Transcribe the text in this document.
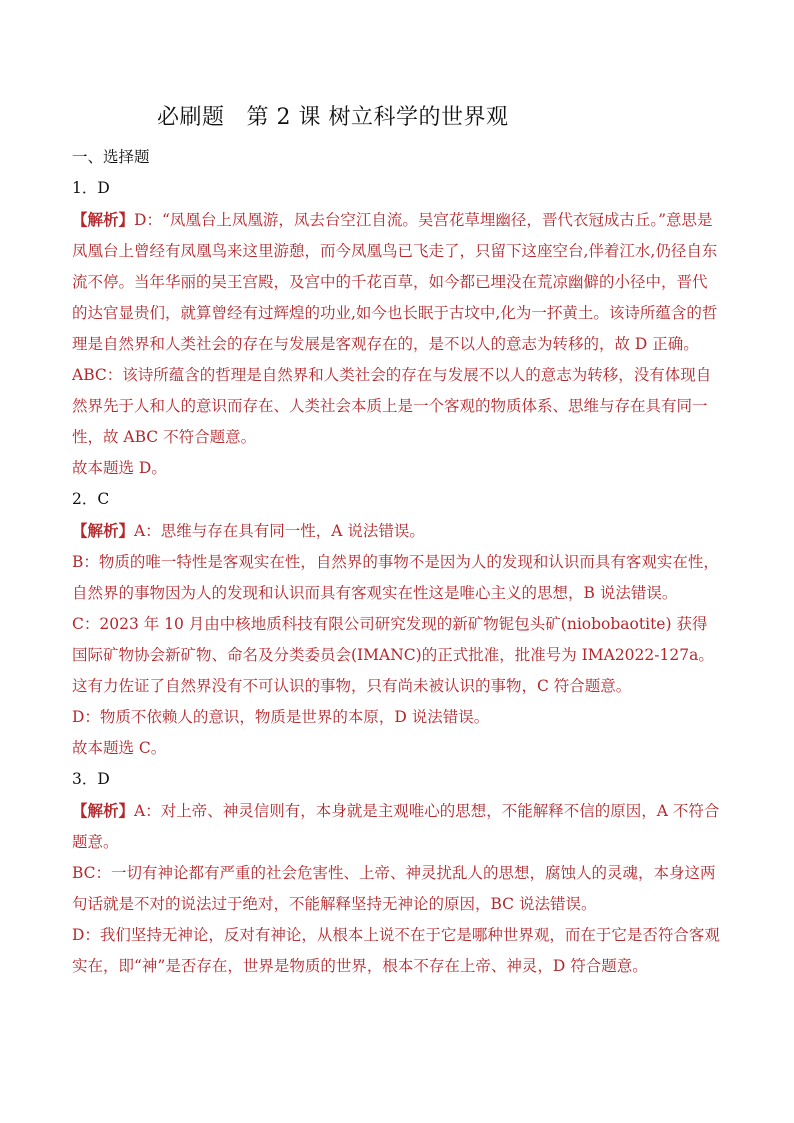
必刷题 第 2 课 树立科学的世界观
一、选择题
1．D
【解析】D：“凤凰台上凤凰游，凤去台空江自流。吴宫花草埋幽径，晋代衣冠成古丘。”意思是凤凰台上曾经有凤凰鸟来这里游憩，而今凤凰鸟已飞走了，只留下这座空台,伴着江水,仍径自东流不停。当年华丽的吴王宫殿，及宫中的千花百草，如今都已埋没在荒凉幽僻的小径中，晋代的达官显贵们，就算曾经有过辉煌的功业,如今也长眠于古坟中,化为一抔黄土。该诗所蕴含的哲理是自然界和人类社会的存在与发展是客观存在的，是不以人的意志为转移的，故 D 正确。
ABC：该诗所蕴含的哲理是自然界和人类社会的存在与发展不以人的意志为转移，没有体现自然界先于人和人的意识而存在、人类社会本质上是一个客观的物质体系、思维与存在具有同一性，故 ABC 不符合题意。
故本题选 D。
2．C
【解析】A：思维与存在具有同一性，A 说法错误。
B：物质的唯一特性是客观实在性，自然界的事物不是因为人的发现和认识而具有客观实在性，自然界的事物因为人的发现和认识而具有客观实在性这是唯心主义的思想，B 说法错误。
C：2023 年 10 月由中核地质科技有限公司研究发现的新矿物铌包头矿(niobobaotite) 获得国际矿物协会新矿物、命名及分类委员会(IMANC)的正式批准，批准号为 IMA2022-127a。这有力佐证了自然界没有不可认识的事物，只有尚未被认识的事物，C 符合题意。
D：物质不依赖人的意识，物质是世界的本原，D 说法错误。
故本题选 C。
3．D
【解析】A：对上帝、神灵信则有，本身就是主观唯心的思想，不能解释不信的原因，A 不符合题意。
BC：一切有神论都有严重的社会危害性、上帝、神灵扰乱人的思想，腐蚀人的灵魂，本身这两句话就是不对的说法过于绝对，不能解释坚持无神论的原因，BC 说法错误。
D：我们坚持无神论，反对有神论，从根本上说不在于它是哪种世界观，而在于它是否符合客观实在，即“神”是否存在，世界是物质的世界，根本不存在上帝、神灵，D 符合题意。
